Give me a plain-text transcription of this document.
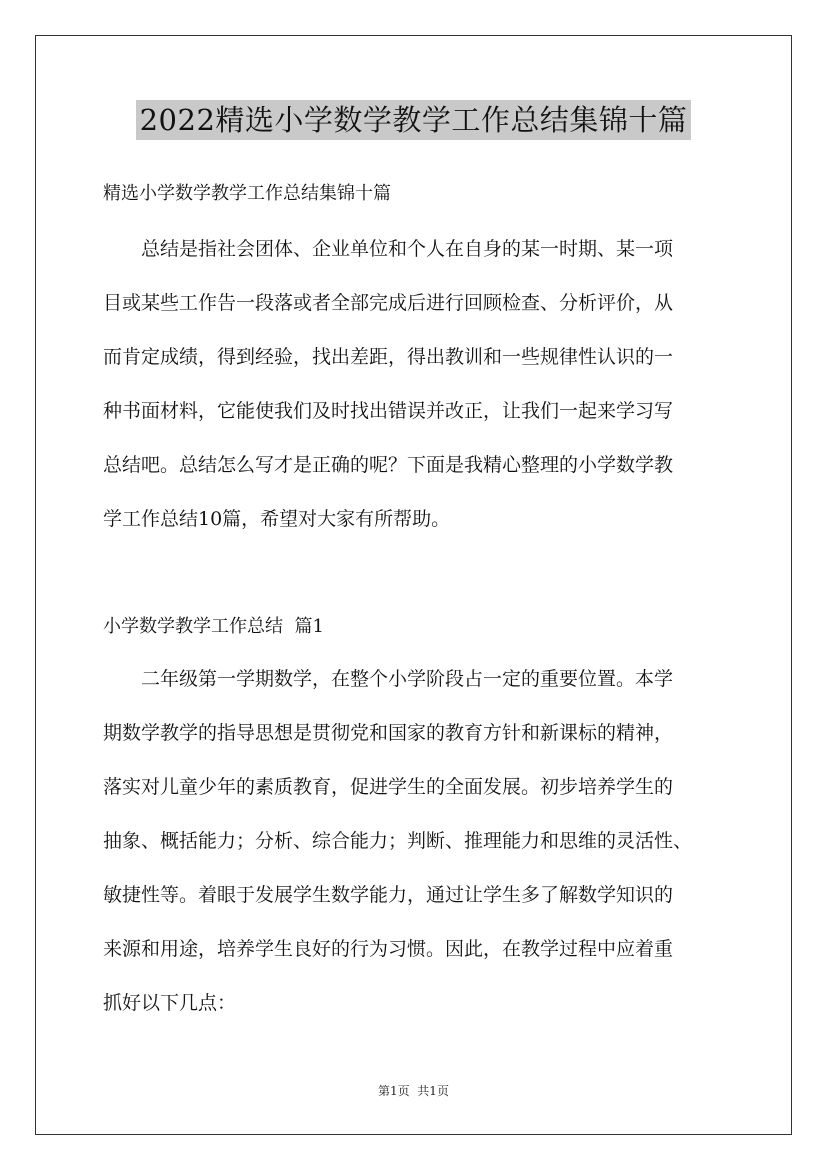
2022精选小学数学教学工作总结集锦十篇
精选小学数学教学工作总结集锦十篇
总结是指社会团体、企业单位和个人在自身的某一时期、某一项
目或某些工作告一段落或者全部完成后进行回顾检查、分析评价，从
而肯定成绩，得到经验，找出差距，得出教训和一些规律性认识的一
种书面材料，它能使我们及时找出错误并改正，让我们一起来学习写
总结吧。总结怎么写才是正确的呢？下面是我精心整理的小学数学教
学工作总结10篇，希望对大家有所帮助。
小学数学教学工作总结  篇1
二年级第一学期数学，在整个小学阶段占一定的重要位置。本学
期数学教学的指导思想是贯彻党和国家的教育方针和新课标的精神，
落实对儿童少年的素质教育，促进学生的全面发展。初步培养学生的
抽象、概括能力；分析、综合能力；判断、推理能力和思维的灵活性、
敏捷性等。着眼于发展学生数学能力，通过让学生多了解数学知识的
来源和用途，培养学生良好的行为习惯。因此，在教学过程中应着重
抓好以下几点：
第1页  共1页
